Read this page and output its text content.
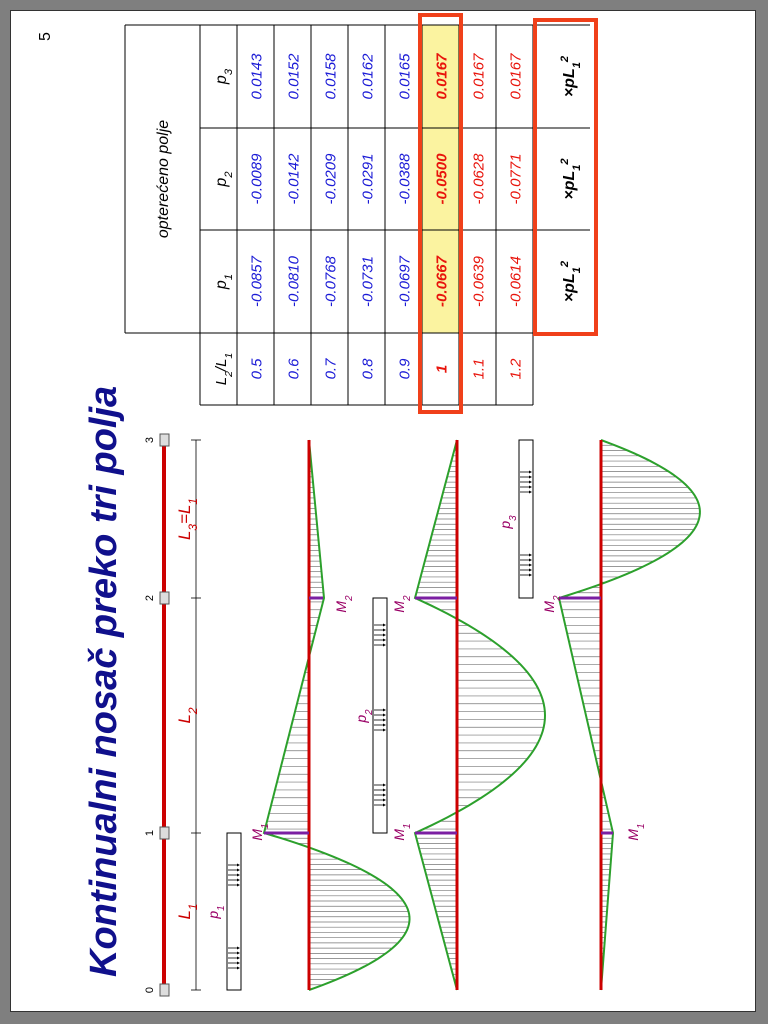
Kontinualni nosač preko tri polja
5
0
1
2
3
$L_1$
$L_2$
$L_3=L_1$
$M_1$
$M_2$
$p_1$
$M_1$
$M_2$
$p_2$
$M_1$
$M_2$
$p_3$
opterećeno polje
$L_2/L_1$
$p_1$
$p_2$
$p_3$
0.5
-0.0857
-0.0089
0.0143
0.6
-0.0810
-0.0142
0.0152
0.7
-0.0768
-0.0209
0.0158
0.8
-0.0731
-0.0291
0.0162
0.9
-0.0697
-0.0388
0.0165
1
-0.0667
-0.0500
0.0167
1.1
-0.0639
-0.0628
0.0167
1.2
-0.0614
-0.0771
0.0167
$\times pL_1^2$
$\times pL_1^2$
$\times pL_1^2$
